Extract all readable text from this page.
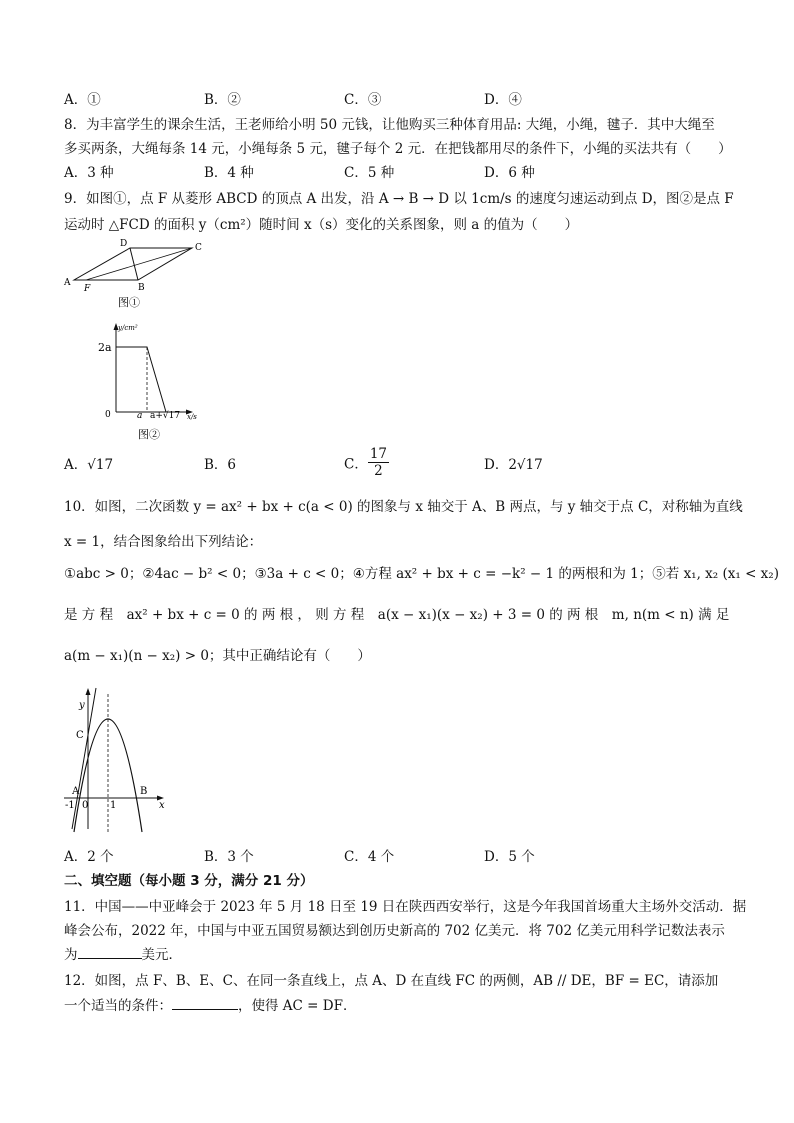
A．①	B．②	C．③	D．④
8．为丰富学生的课余生活，王老师给小明 50 元钱，让他购买三种体育用品: 大绳，小绳，毽子．其中大绳至
多买两条，大绳每条 14 元，小绳每条 5 元，毽子每个 2 元．在把钱都用尽的条件下，小绳的买法共有（　　）
A．3 种	B．4 种	C．5 种	D．6 种
9．如图①，点 F 从菱形 ABCD 的顶点 A 出发，沿 A → B → D 以 1cm/s 的速度匀速运动到点 D，图②是点 F
运动时 △FCD 的面积 y（cm²）随时间 x（s）变化的关系图象，则 a 的值为（　　）
A
F	B
C
D
图①
y/cm²
2a
0	a a+√17 x/s
图②
A．√17	B．6	C． $\frac{17}{2}$	D．2√17
10．如图，二次函数 y = ax² + bx + c(a < 0) 的图象与 x 轴交于 A、B 两点，与 y 轴交于点 C，对称轴为直线
x = 1，结合图象给出下列结论：
①abc > 0；②4ac − b² < 0；③3a + c < 0；④方程 ax² + bx + c = −k² − 1 的两根和为 1；⑤若 x₁, x₂ (x₁ < x₂)
是 方 程　ax² + bx + c = 0 的 两 根 ， 则 方 程　a(x − x₁)(x − x₂) + 3 = 0 的 两 根　m, n(m < n) 满 足
a(m − x₁)(n − x₂) > 0；其中正确结论有（　　）
y
C
A	B
-1 0 1	x
A．2 个	B．3 个	C．4 个	D．5 个
二、填空题（每小题 3 分，满分 21 分）
11．中国——中亚峰会于 2023 年 5 月 18 日至 19 日在陕西西安举行，这是今年我国首场重大主场外交活动．据
峰会公布，2022 年，中国与中亚五国贸易额达到创历史新高的 702 亿美元．将 702 亿美元用科学记数法表示
为	美元．
12．如图，点 F、B、E、C、在同一条直线上，点 A、D 在直线 FC 的两侧，AB // DE，BF = EC，请添加
一个适当的条件：	，使得 AC = DF．
